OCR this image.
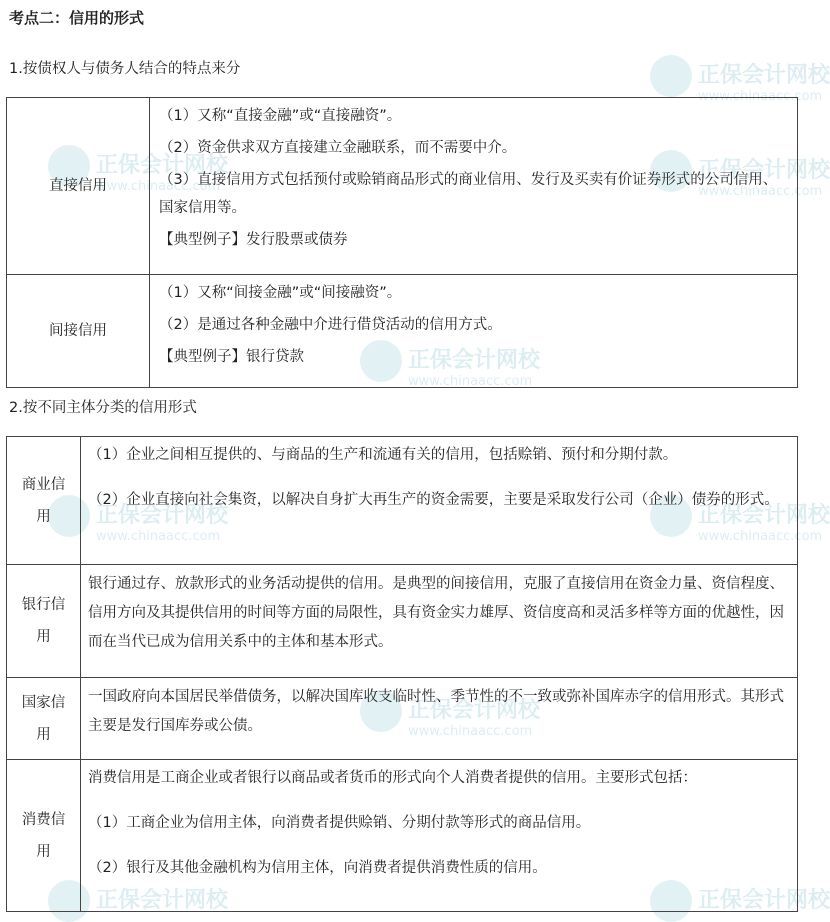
正保会计网校
www.chinaacc.com
正保会计网校
www.chinaacc.com
正保会计网校
www.chinaacc.com
正保会计网校
www.chinaacc.com
正保会计网校
www.chinaacc.com
正保会计网校
www.chinaacc.com
正保会计网校
www.chinaacc.com
正保会计网校	正保会计网校
考点二：信用的形式
1.按债权人与债务人结合的特点来分
直接信用	（1）又称“直接金融”或“直接融资”。

（2）资金供求双方直接建立金融联系，而不需要中介。

（3）直接信用方式包括预付或赊销商品形式的商业信用、发行及买卖有价证券形式的公司信用、国家信用等。

【典型例子】发行股票或债券

间接信用	（1）又称“间接金融”或“间接融资”。

（2）是通过各种金融中介进行借贷活动的信用方式。

【典型例子】银行贷款

2.按不同主体分类的信用形式
商业信用	（1）企业之间相互提供的、与商品的生产和流通有关的信用，包括赊销、预付和分期付款。

（2）企业直接向社会集资，以解决自身扩大再生产的资金需要，主要是采取发行公司（企业）债券的形式。

银行信用	银行通过存、放款形式的业务活动提供的信用。是典型的间接信用，克服了直接信用在资金力量、资信程度、信用方向及其提供信用的时间等方面的局限性，具有资金实力雄厚、资信度高和灵活多样等方面的优越性，因而在当代已成为信用关系中的主体和基本形式。

国家信用	一国政府向本国居民举借债务，以解决国库收支临时性、季节性的不一致或弥补国库赤字的信用形式。其形式主要是发行国库券或公债。

消费信用	消费信用是工商企业或者银行以商品或者货币的形式向个人消费者提供的信用。主要形式包括：

（1）工商企业为信用主体，向消费者提供赊销、分期付款等形式的商品信用。

（2）银行及其他金融机构为信用主体，向消费者提供消费性质的信用。
